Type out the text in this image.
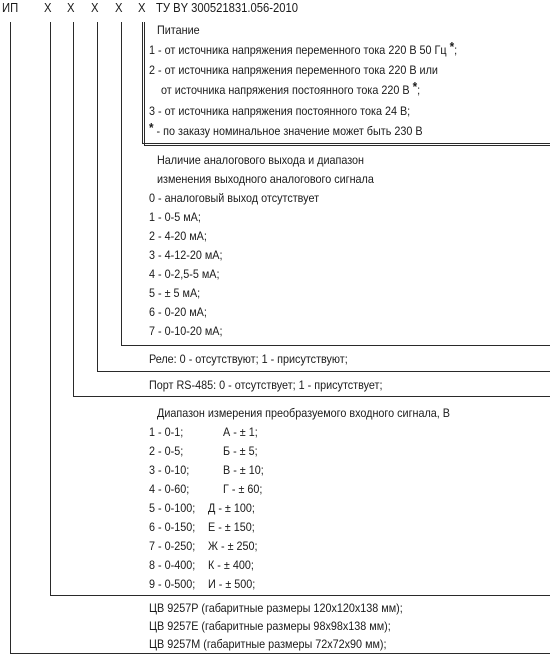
ИП Х Х Х Х Х ТУ BY 300521831.056-2010
Питание
1 - от источника напряжения переменного тока 220 В 50 Гц *;
2 - от источника напряжения переменного тока 220 В или
от источника напряжения постоянного тока 220 В *;
3 - от источника напряжения постоянного тока 24 В;
* - по заказу номинальное значение может быть 230 В
Наличие аналогового выхода и диапазон
изменения выходного аналогового сигнала
0 - аналоговый выход отсутствует
1 - 0-5 мА;
2 - 4-20 мА;
3 - 4-12-20 мА;
4 - 0-2,5-5 мА;
5 - ± 5 мА;
6 - 0-20 мА;
7 - 0-10-20 мА;
Реле: 0 - отсутствуют; 1 - присутствуют;
Порт RS-485: 0 - отсутствует; 1 - присутствует;
Диапазон измерения преобразуемого входного сигнала, В
1 - 0-1;	А - ± 1;
2 - 0-5;	Б - ± 5;
3 - 0-10;	В - ± 10;
4 - 0-60;	Г - ± 60;
5 - 0-100; Д - ± 100;
6 - 0-150; Е - ± 150;
7 - 0-250; Ж - ± 250;
8 - 0-400; К - ± 400;
9 - 0-500; И - ± 500;
ЦВ 9257Р (габаритные размеры 120х120х138 мм);
ЦВ 9257Е (габаритные размеры 98х98х138 мм);
ЦВ 9257М (габаритные размеры 72х72х90 мм);
